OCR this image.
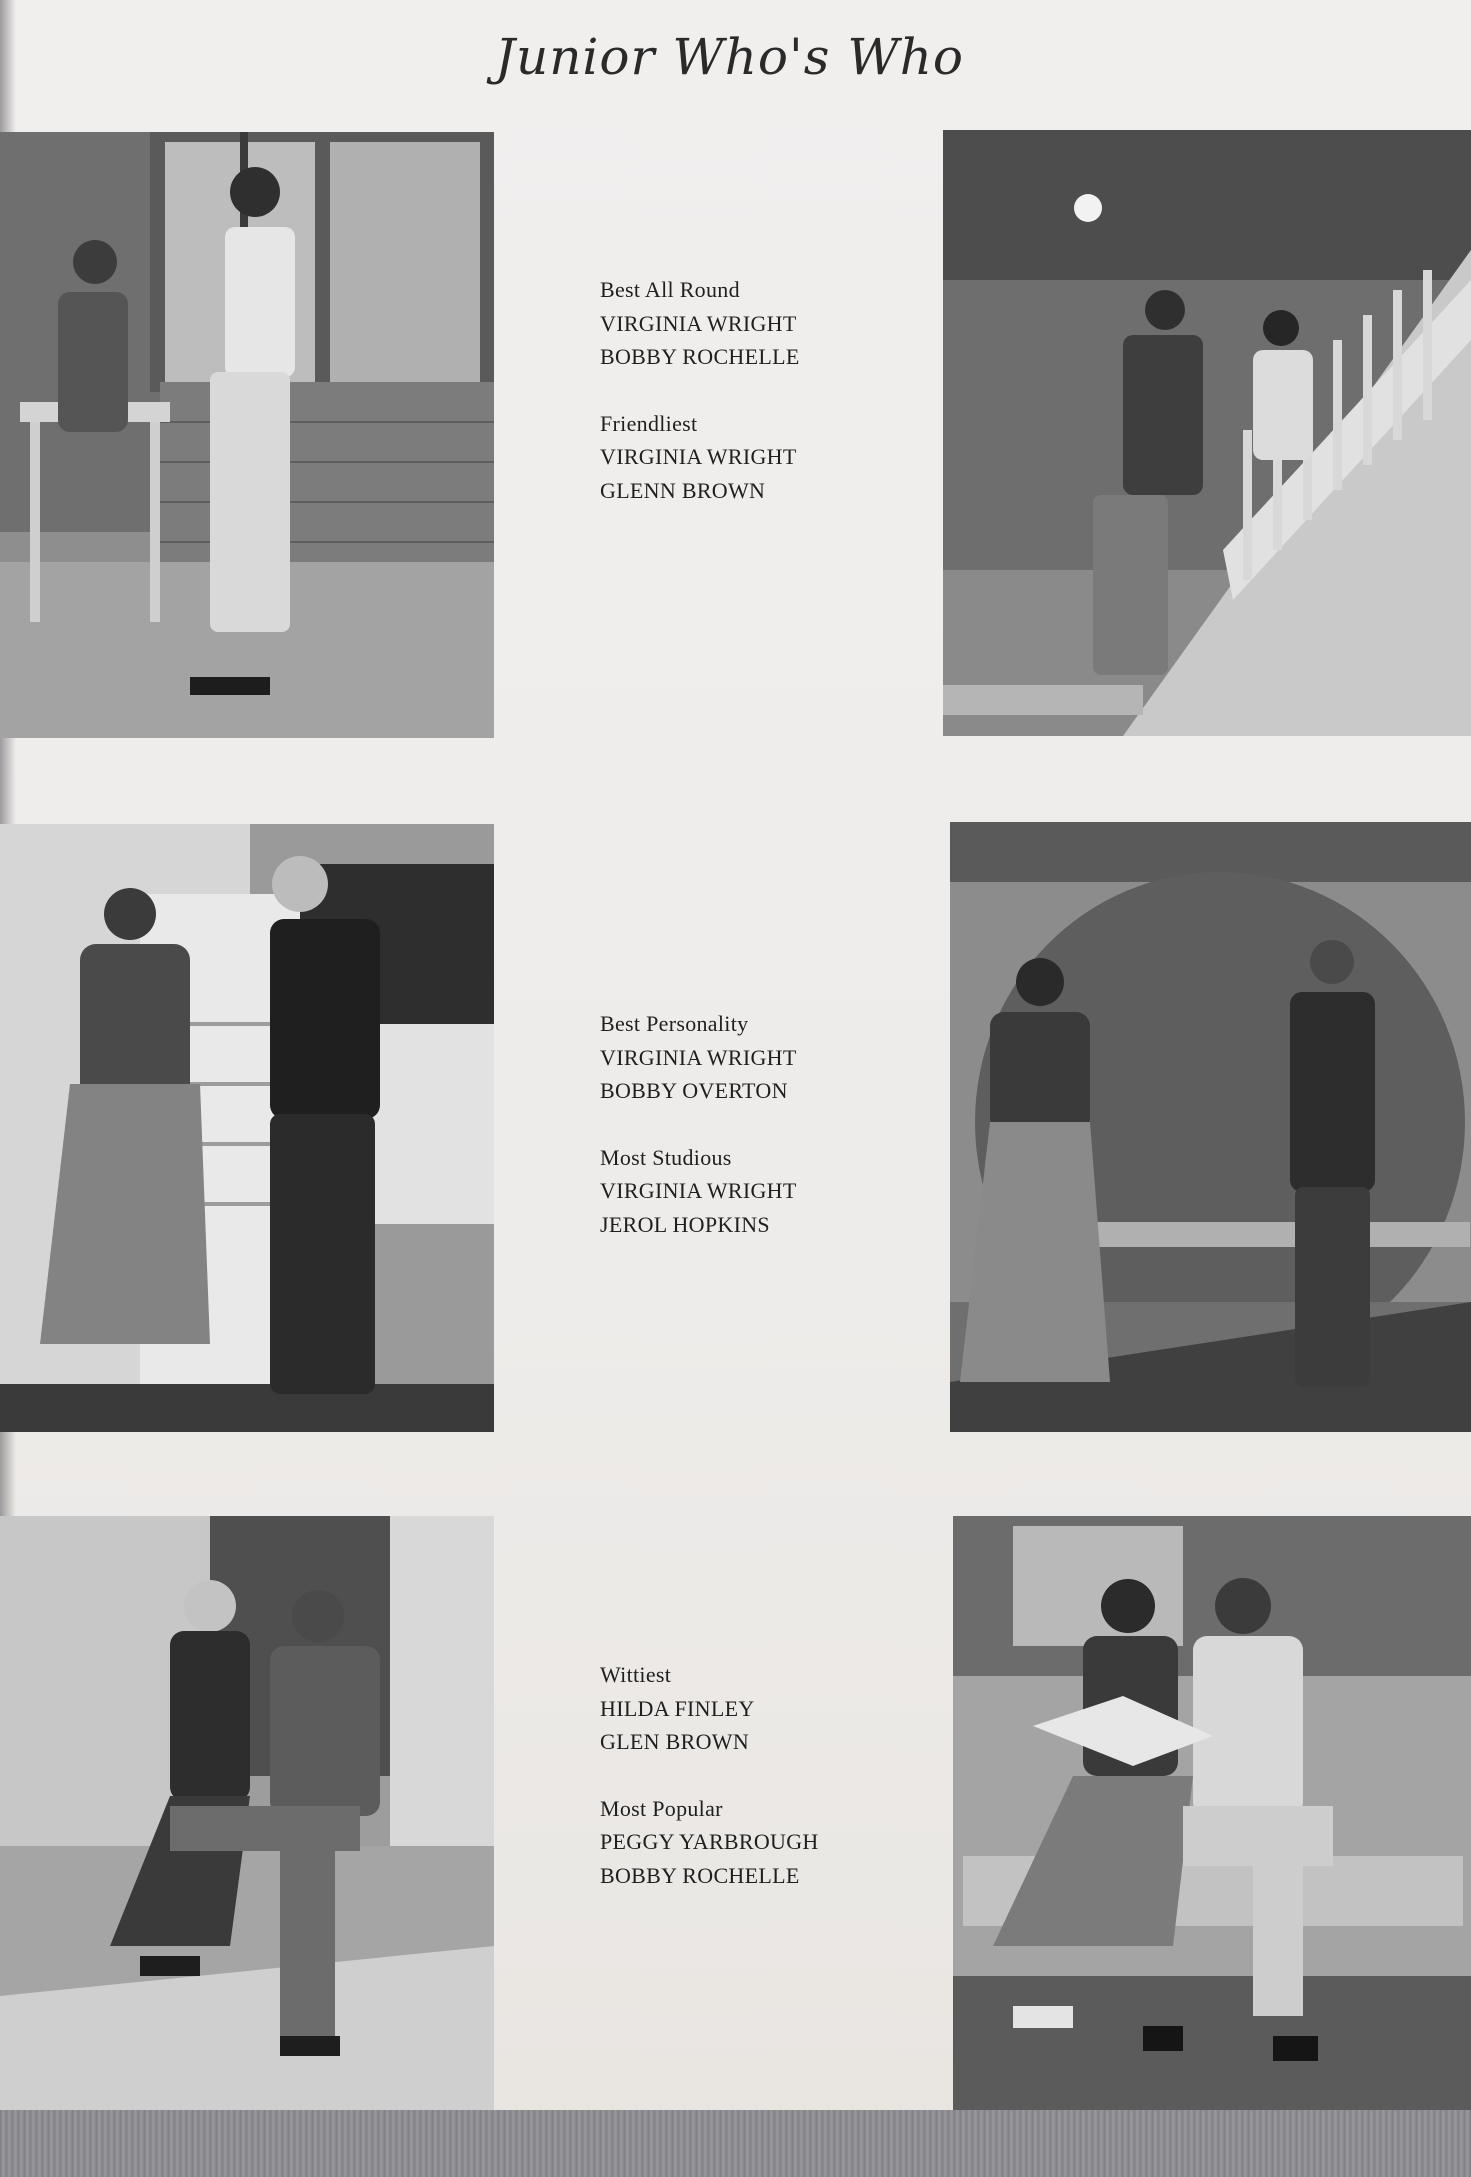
Junior Who's Who
Best All Round
VIRGINIA WRIGHT
BOBBY ROCHELLE
Friendliest
VIRGINIA WRIGHT
GLENN BROWN
Best Personality
VIRGINIA WRIGHT
BOBBY OVERTON
Most Studious
VIRGINIA WRIGHT
JEROL HOPKINS
Wittiest
HILDA FINLEY
GLEN BROWN
Most Popular
PEGGY YARBROUGH
BOBBY ROCHELLE
